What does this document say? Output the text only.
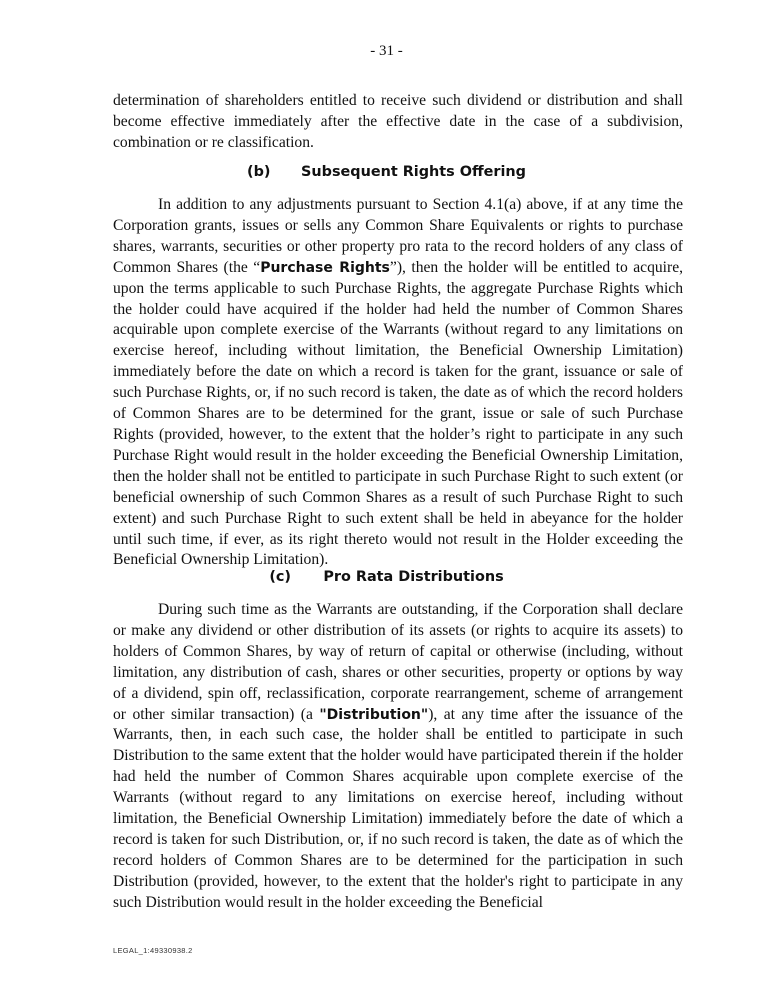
- 31 -

determination of shareholders entitled to receive such dividend or distribution and shall become effective immediately after the effective date in the case of a subdivision, combination or re classification.

(b) Subsequent Rights Offering

In addition to any adjustments pursuant to Section 4.1(a) above, if at any time the Corporation grants, issues or sells any Common Share Equivalents or rights to purchase shares, warrants, securities or other property pro rata to the record holders of any class of Common Shares (the “Purchase Rights”), then the holder will be entitled to acquire, upon the terms applicable to such Purchase Rights, the aggregate Purchase Rights which the holder could have acquired if the holder had held the number of Common Shares acquirable upon complete exercise of the Warrants (without regard to any limitations on exercise hereof, including without limitation, the Beneficial Ownership Limitation) immediately before the date on which a record is taken for the grant, issuance or sale of such Purchase Rights, or, if no such record is taken, the date as of which the record holders of Common Shares are to be determined for the grant, issue or sale of such Purchase Rights (provided, however, to the extent that the holder’s right to participate in any such Purchase Right would result in the holder exceeding the Beneficial Ownership Limitation, then the holder shall not be entitled to participate in such Purchase Right to such extent (or beneficial ownership of such Common Shares as a result of such Purchase Right to such extent) and such Purchase Right to such extent shall be held in abeyance for the holder until such time, if ever, as its right thereto would not result in the Holder exceeding the Beneficial Ownership Limitation).

(c) Pro Rata Distributions

During such time as the Warrants are outstanding, if the Corporation shall declare or make any dividend or other distribution of its assets (or rights to acquire its assets) to holders of Common Shares, by way of return of capital or otherwise (including, without limitation, any distribution of cash, shares or other securities, property or options by way of a dividend, spin off, reclassification, corporate rearrangement, scheme of arrangement or other similar transaction) (a "Distribution"), at any time after the issuance of the Warrants, then, in each such case, the holder shall be entitled to participate in such Distribution to the same extent that the holder would have participated therein if the holder had held the number of Common Shares acquirable upon complete exercise of the Warrants (without regard to any limitations on exercise hereof, including without limitation, the Beneficial Ownership Limitation) immediately before the date of which a record is taken for such Distribution, or, if no such record is taken, the date as of which the record holders of Common Shares are to be determined for the participation in such Distribution (provided, however, to the extent that the holder's right to participate in any such Distribution would result in the holder exceeding the Beneficial

LEGAL_1:49330938.2
